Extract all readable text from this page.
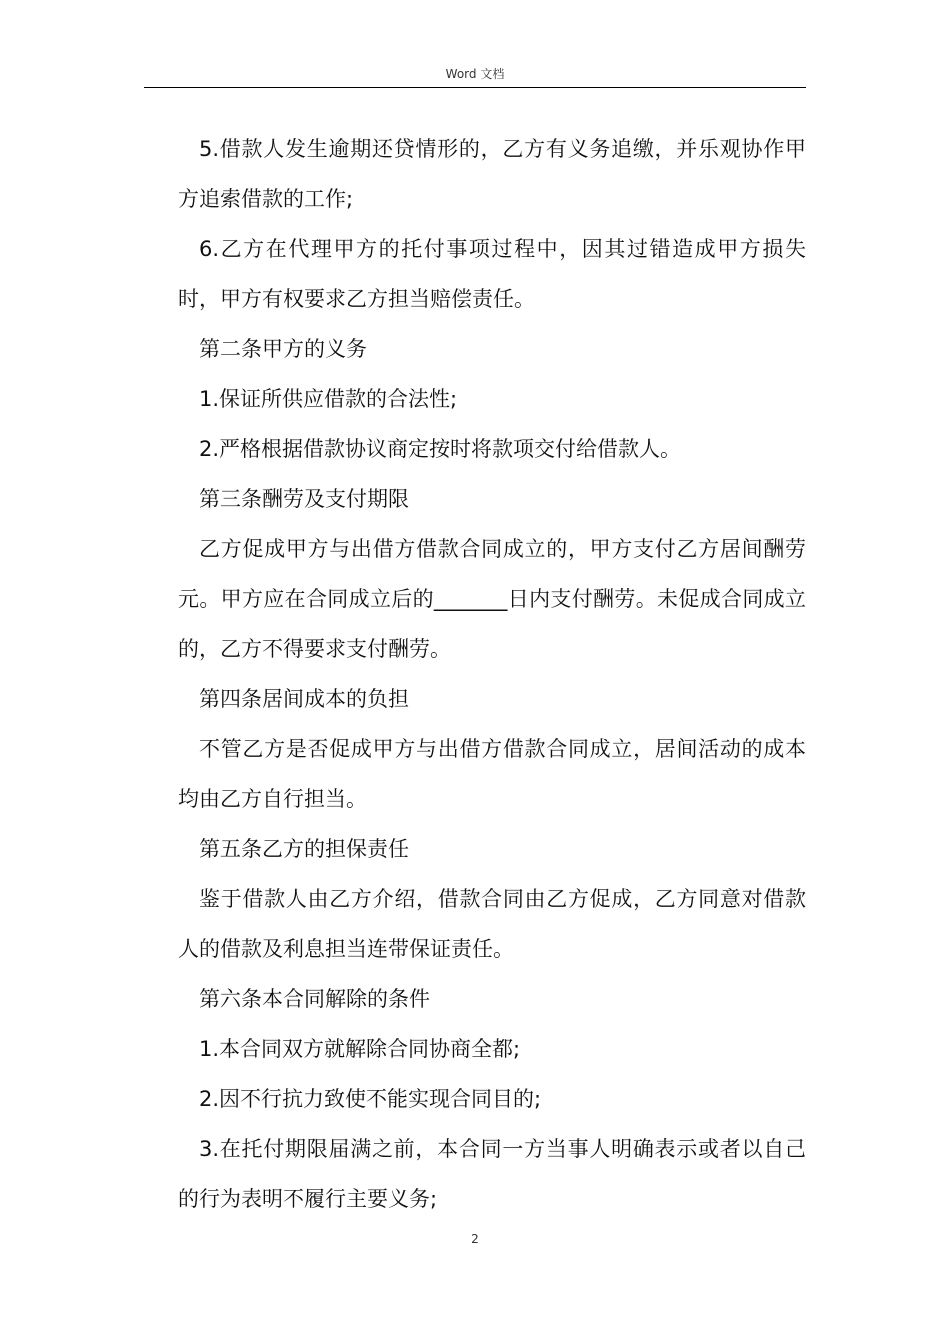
Word 文档

5.借款人发生逾期还贷情形的，乙方有义务追缴，并乐观协作甲方追索借款的工作;

6.乙方在代理甲方的托付事项过程中，因其过错造成甲方损失时，甲方有权要求乙方担当赔偿责任。

第二条甲方的义务

1.保证所供应借款的合法性;

2.严格根据借款协议商定按时将款项交付给借款人。

第三条酬劳及支付期限

乙方促成甲方与出借方借款合同成立的，甲方支付乙方居间酬劳元。甲方应在合同成立后的_______日内支付酬劳。未促成合同成立的，乙方不得要求支付酬劳。

第四条居间成本的负担

不管乙方是否促成甲方与出借方借款合同成立，居间活动的成本均由乙方自行担当。

第五条乙方的担保责任

鉴于借款人由乙方介绍，借款合同由乙方促成，乙方同意对借款人的借款及利息担当连带保证责任。

第六条本合同解除的条件

1.本合同双方就解除合同协商全都;

2.因不行抗力致使不能实现合同目的;

3.在托付期限届满之前，本合同一方当事人明确表示或者以自己的行为表明不履行主要义务;

2
